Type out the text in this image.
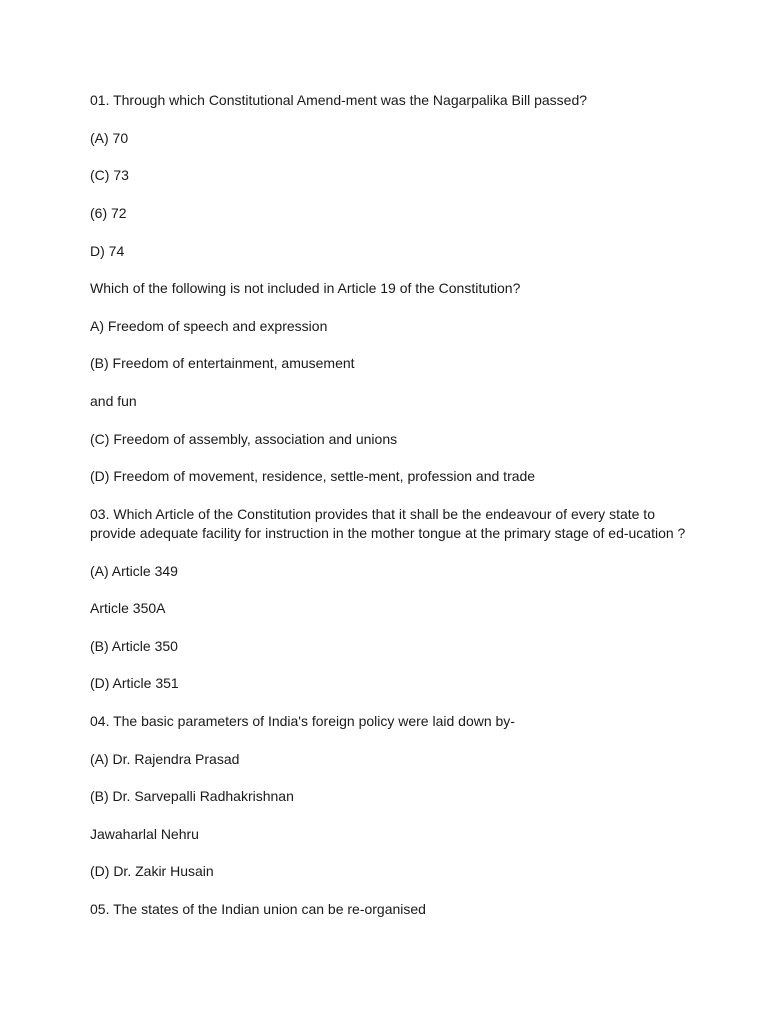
01. Through which Constitutional Amend-ment was the Nagarpalika Bill passed?

(A) 70

(C) 73

(6) 72

D) 74

Which of the following is not included in Article 19 of the Constitution?

A) Freedom of speech and expression

(B) Freedom of entertainment, amusement

and fun

(C) Freedom of assembly, association and unions

(D) Freedom of movement, residence, settle-ment, profession and trade

03. Which Article of the Constitution provides that it shall be the endeavour of every state to provide adequate facility for instruction in the mother tongue at the primary stage of ed-ucation ?

(A) Article 349

Article 350A

(B) Article 350

(D) Article 351

04. The basic parameters of India's foreign policy were laid down by-

(A) Dr. Rajendra Prasad

(B) Dr. Sarvepalli Radhakrishnan

Jawaharlal Nehru

(D) Dr. Zakir Husain

05. The states of the Indian union can be re-organised
